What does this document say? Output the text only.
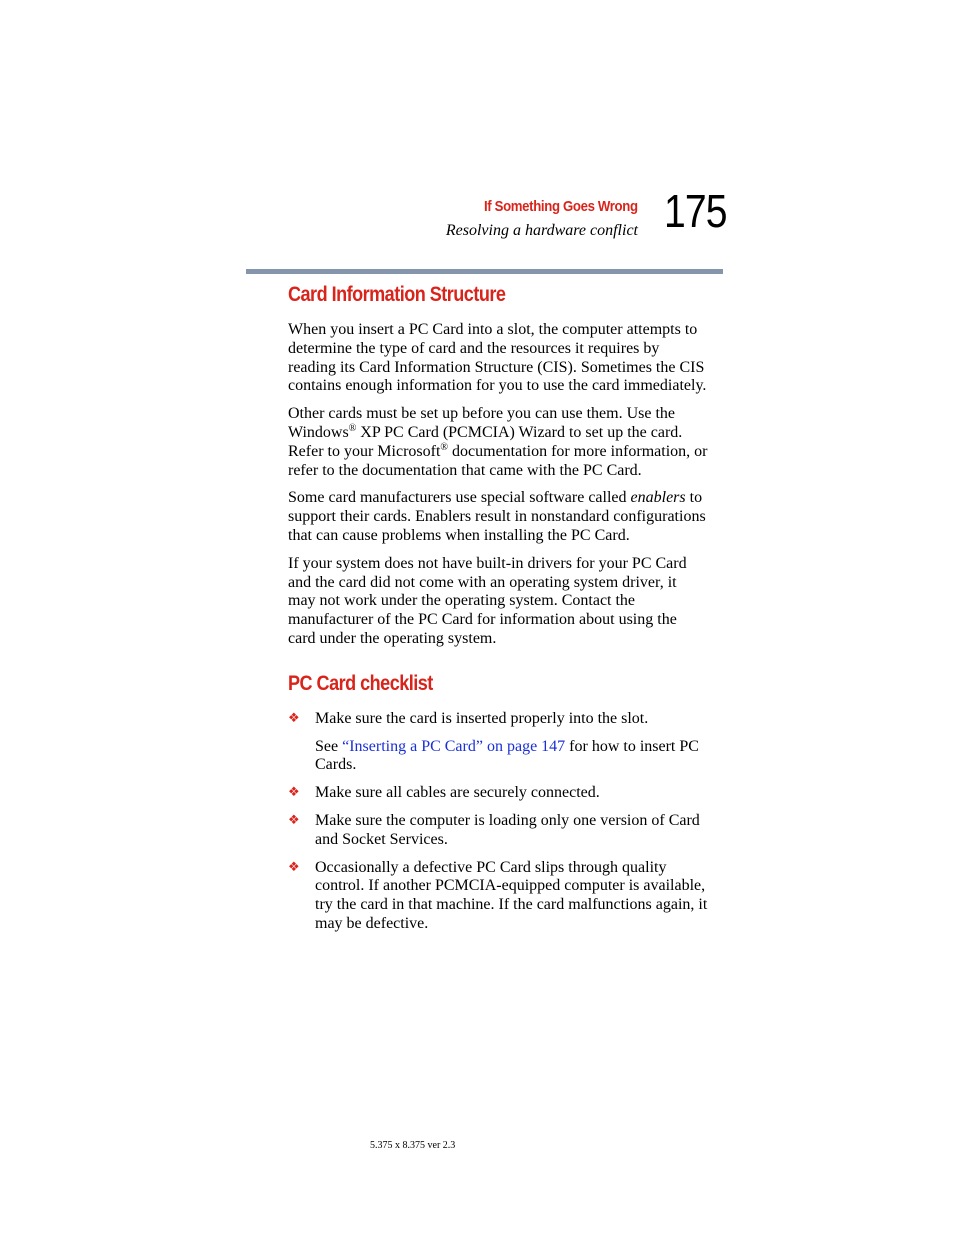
If Something Goes Wrong
Resolving a hardware conflict 175
Card Information Structure

When you insert a PC Card into a slot, the computer attempts to determine the type of card and the resources it requires by reading its Card Information Structure (CIS). Sometimes the CIS contains enough information for you to use the card immediately.

Other cards must be set up before you can use them. Use the Windows® XP PC Card (PCMCIA) Wizard to set up the card. Refer to your Microsoft® documentation for more information, or refer to the documentation that came with the PC Card.

Some card manufacturers use special software called enablers to support their cards. Enablers result in nonstandard configurations that can cause problems when installing the PC Card.

If your system does not have built-in drivers for your PC Card and the card did not come with an operating system driver, it may not work under the operating system. Contact the manufacturer of the PC Card for information about using the card under the operating system.

PC Card checklist
❖ Make sure the card is inserted properly into the slot.
See “Inserting a PC Card” on page 147 for how to insert PC Cards.
❖ Make sure all cables are securely connected.
❖ Make sure the computer is loading only one version of Card and Socket Services.
❖ Occasionally a defective PC Card slips through quality control. If another PCMCIA-equipped computer is available, try the card in that machine. If the card malfunctions again, it may be defective.
5.375 x 8.375 ver 2.3
